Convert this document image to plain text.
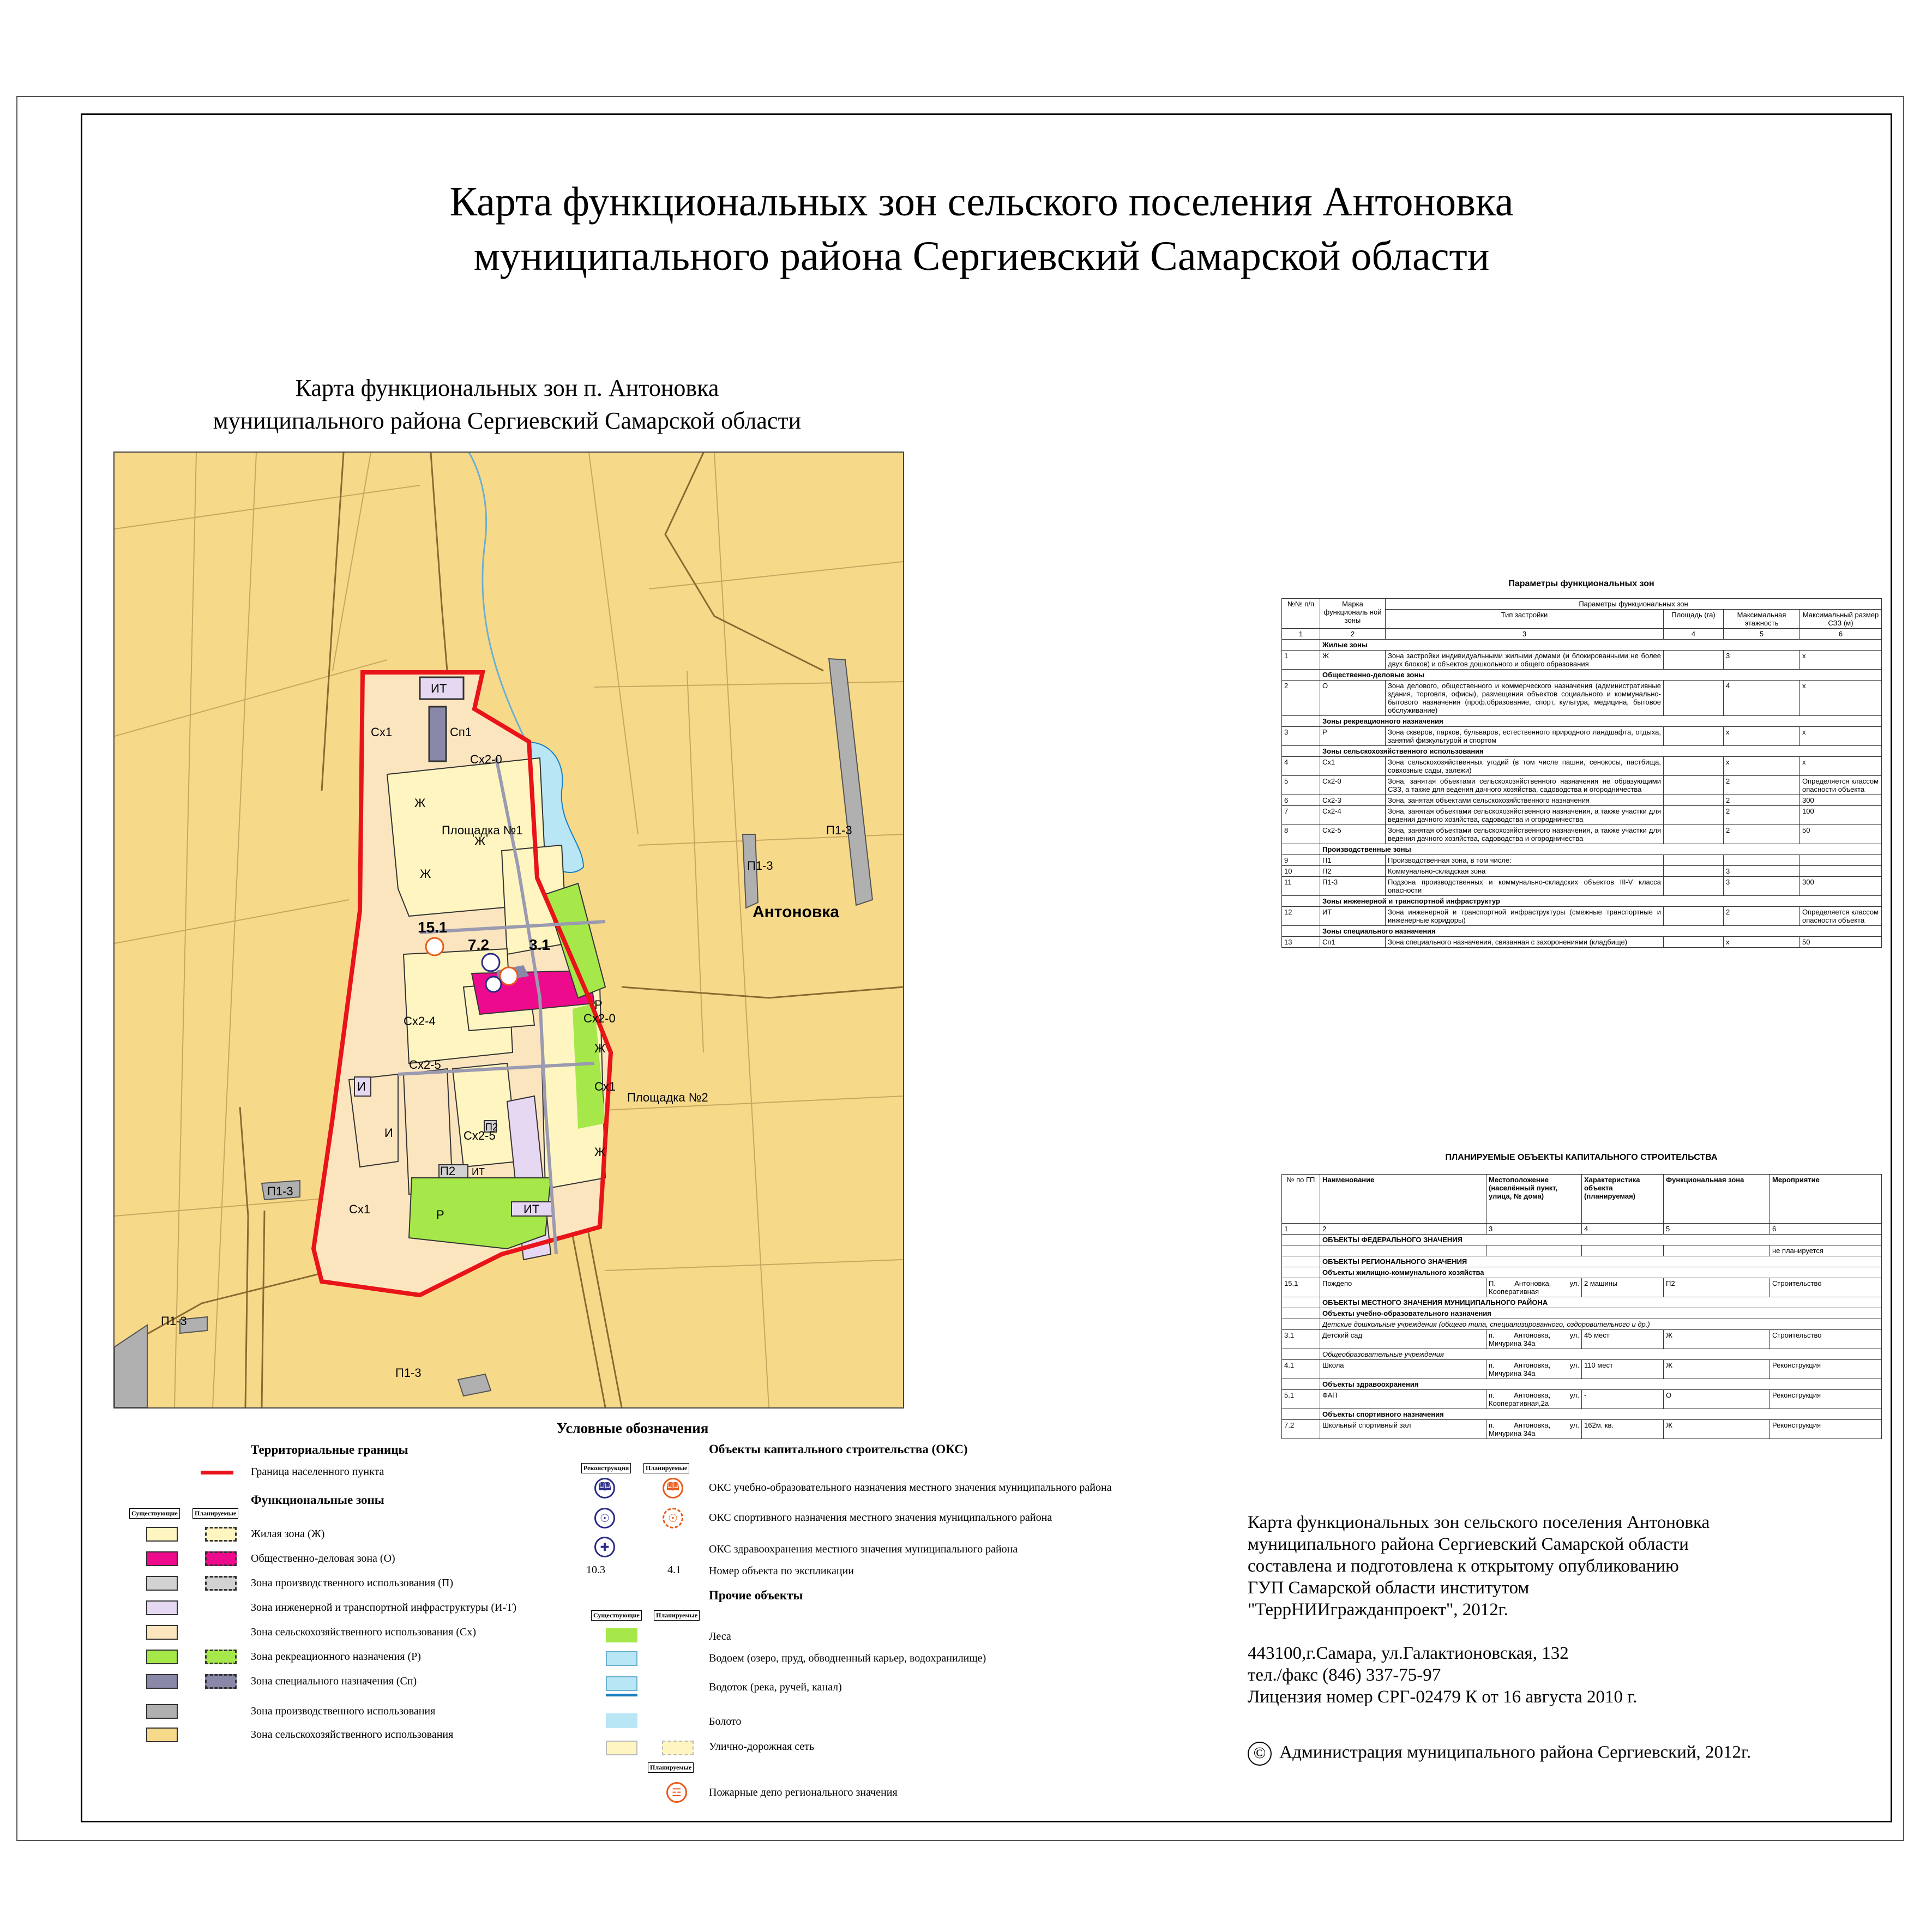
Карта функциональных зон сельского поселения Антоновка
муниципального района Сергиевский Самарской области
Карта функциональных зон п. Антоновка
муниципального района Сергиевский Самарской области
Антоновка
ИТ
Сх1	Сп1
Сх2-0
Ж
Площадка №1
Ж
Ж
15.1
7.2	3.1
Сх2-4
Сх2-5
Сх2-5
Сх2-0
Ж
Ж
Сх1
Площадка №2
Сх1
П2
П2
ИТ
ИТ
И
И
Р
Р
П1-3
П1-3
П1-3
П1-3
П1-3
Условные обозначения
Территориальные границы
Граница населенного пункта
Функциональные зоны
Существующие	Планируемые
Жилая зона (Ж)
Общественно-деловая зона (О)
Зона производственного использования (П)
Зона инженерной и транспортной инфраструктуры (И-Т)
Зона сельскохозяйственного использования (Сх)
Зона рекреационного назначения (Р)
Зона специального назначения (Сп)
Зона производственного использования
Зона сельскохозяйственного использования
Объекты капитального строительства (ОКС)
Реконструкция	Планируемые
🕮	🕮	ОКС учебно-образовательного назначения местного значения муниципального района
☉	☉	ОКС спортивного назначения местного значения муниципального района
✚	ОКС здравоохранения местного значения муниципального района
10.3	4.1	Номер объекта по экспликации
Прочие объекты
Существующие	Планируемые
Леса
Водоем (озеро, пруд, обводненный карьер, водохранилище)
Водоток (река, ручей, канал)
Болото
Улично-дорожная сеть
Планируемые
☲	Пожарные депо регионального значения
Параметры функциональных зон
№№ п/п	Марка функциональ ной зоны	Параметры функциональных зон			
		Тип застройки	Площадь (га)	Максимальная этажность	Максимальный размер СЗЗ (м)
1	2	3	4	5	6
	Жилые зоны				
1	Ж	Зона застройки индивидуальными жилыми домами (и блокированными не более двух блоков) и объектов дошкольного и общего образования		3	x
	Общественно-деловые зоны				
2	О	Зона делового, общественного и коммерческого назначения (административные здания, торговля, офисы), размещения объектов социального и коммунально-бытового назначения (проф.образование, спорт, культура, медицина, бытовое обслуживание)		4	x
	Зоны рекреационного назначения				
3	Р	Зона скверов, парков, бульваров, естественного природного ландшафта, отдыха, занятий физкультурой и спортом		x	x
	Зоны сельскохозяйственного использования				
4	Сх1	Зона сельскохозяйственных угодий (в том числе пашни, сенокосы, пастбища, совхозные сады, залежи)		x	x
5	Сх2-0	Зона, занятая объектами сельскохозяйственного назначения не образующими СЗЗ, а также для ведения дачного хозяйства, садоводства и огородничества		2	Определяется классом опасности объекта
6	Сх2-3	Зона, занятая объектами сельскохозяйственного назначения		2	300
7	Сх2-4	Зона, занятая объектами сельскохозяйственного назначения, а также участки для ведения дачного хозяйства, садоводства и огородничества		2	100
8	Сх2-5	Зона, занятая объектами сельскохозяйственного назначения, а также участки для ведения дачного хозяйства, садоводства и огородничества		2	50
	Производственные зоны				
9	П1	Производственная зона, в том числе:			
10	П2	Коммунально-складская зона		3	
11	П1-3	Подзона производственных и коммунально-складских объектов III-V класса опасности		3	300
	Зоны инженерной и транспортной инфраструктур				
12	ИТ	Зона инженерной и транспортной инфраструктуры (смежные транспортные и инженерные коридоры)		2	Определяется классом опасности объекта
	Зоны специального назначения				
13	Сп1	Зона специального назначения, связанная с захоронениями (кладбище)		x	50
ПЛАНИРУЕМЫЕ ОБЪЕКТЫ КАПИТАЛЬНОГО СТРОИТЕЛЬСТВА
№ по ГП	Наименование	Местоположение (населённый пункт, улица, № дома)	Характеристика объекта (планируемая)	Функциональная зона	Мероприятие
1	2	3	4	5	6
	ОБЪЕКТЫ ФЕДЕРАЛЬНОГО ЗНАЧЕНИЯ				
					не планируется
	ОБЪЕКТЫ РЕГИОНАЛЬНОГО ЗНАЧЕНИЯ				
	Объекты жилищно-коммунального хозяйства				
15.1	Пождепо	П. Антоновка, ул. Кооперативная	2 машины	П2	Строительство
	ОБЪЕКТЫ МЕСТНОГО ЗНАЧЕНИЯ МУНИЦИПАЛЬНОГО РАЙОНА				
	Объекты учебно-образовательного назначения				
	Детские дошкольные учреждения (общего типа, специализированного, оздоровительного и др.)				
3.1	Детский сад	п. Антоновка, ул. Мичурина 34а	45 мест	Ж	Строительство
	Общеобразовательные учреждения				
4.1	Школа	п. Антоновка, ул. Мичурина 34а	110 мест	Ж	Реконструкция
	Объекты здравоохранения				
5.1	ФАП	п. Антоновка, ул. Кооперативная,2а	-	О	Реконструкция
	Объекты спортивного назначения				
7.2	Школьный спортивный зал	п. Антоновка, ул. Мичурина 34а	162м. кв.	Ж	Реконструкция
Карта функциональных зон сельского поселения Антоновка
муниципального района Сергиевский Самарской области
составлена и подготовлена к открытому опубликованию
ГУП Самарской области институтом
"ТеррНИИгражданпроект", 2012г.
443100,г.Самара, ул.Галактионовская, 132
тел./факс (846) 337-75-97
Лицензия номер СРГ-02479 К от 16 августа 2010 г.
© Администрация муниципального района Сергиевский, 2012г.
